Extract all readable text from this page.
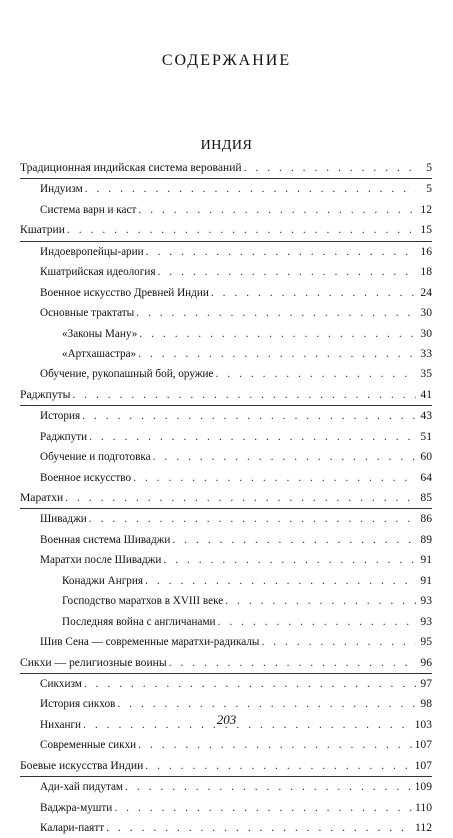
СОДЕРЖАНИЕ
ИНДИЯ
Традиционная индийская система верований . . .	5
Индуизм . . .	5
Система варн и каст . . .	12
Кшатрии . . .	15
Индоевропейцы-арии . . .	16
Кшатрийская идеология . . .	18
Военное искусство Древней Индии . . .	24
Основные трактаты . . .	30
«Законы Ману» . . .	30
«Артхашастра» . . .	33
Обучение, рукопашный бой, оружие . . .	35
Раджпуты . . .	41
История . . .	43
Раджпути . . .	51
Обучение и подготовка . . .	60
Военное искусство . . .	64
Маратхи . . .	85
Шиваджи . . .	86
Военная система Шиваджи . . .	89
Маратхи после Шиваджи . . .	91
Конаджи Ангрия . . .	91
Господство маратхов в XVIII веке . . .	93
Последняя война с англичанами . . .	93
Шив Сена — современные маратхи-радикалы . . .	95
Сикхи — религиозные воины . . .	96
Сикхизм . . .	97
История сикхов . . .	98
Ниханги . . .	103
Современные сикхи . . .	107
Боевые искусства Индии . . .	107
Ади-хай пидутам . . .	109
Ваджра-мушти . . .	110
Калари-паятт . . .	112
203
